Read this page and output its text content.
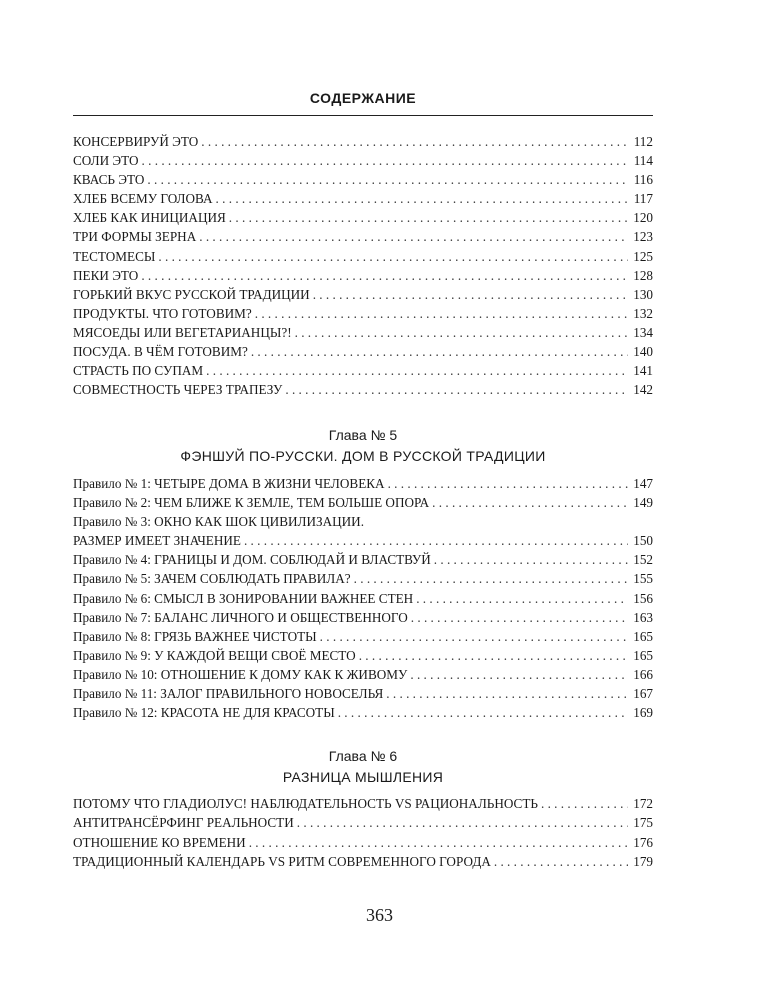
СОДЕРЖАНИЕ
КОНСЕРВИРУЙ ЭТО . . .	112
СОЛИ ЭТО . . .	114
КВАСЬ ЭТО . . .	116
ХЛЕБ ВСЕМУ ГОЛОВА . . .	117
ХЛЕБ КАК ИНИЦИАЦИЯ . . .	120
ТРИ ФОРМЫ ЗЕРНА . . .	123
ТЕСТОМЕСЫ . . .	125
ПЕКИ ЭТО . . .	128
ГОРЬКИЙ ВКУС РУССКОЙ ТРАДИЦИИ . . .	130
ПРОДУКТЫ. ЧТО ГОТОВИМ? . . .	132
МЯСОЕДЫ ИЛИ ВЕГЕТАРИАНЦЫ?! . . .	134
ПОСУДА. В ЧЁМ ГОТОВИМ? . . .	140
СТРАСТЬ ПО СУПАМ . . .	141
СОВМЕСТНОСТЬ ЧЕРЕЗ ТРАПЕЗУ . . .	142
Глава № 5
ФЭНШУЙ ПО-РУССКИ. ДОМ В РУССКОЙ ТРАДИЦИИ
Правило № 1: ЧЕТЫРЕ ДОМА В ЖИЗНИ ЧЕЛОВЕКА . . .	147
Правило № 2: ЧЕМ БЛИЖЕ К ЗЕМЛЕ, ТЕМ БОЛЬШЕ ОПОРА . . .	149
Правило № 3: ОКНО КАК ШОК ЦИВИЛИЗАЦИИ.
РАЗМЕР ИМЕЕТ ЗНАЧЕНИЕ . . .	150
Правило № 4: ГРАНИЦЫ И ДОМ. СОБЛЮДАЙ И ВЛАСТВУЙ . . .	152
Правило № 5: ЗАЧЕМ СОБЛЮДАТЬ ПРАВИЛА? . . .	155
Правило № 6: СМЫСЛ В ЗОНИРОВАНИИ ВАЖНЕЕ СТЕН . . .	156
Правило № 7: БАЛАНС ЛИЧНОГО И ОБЩЕСТВЕННОГО . . .	163
Правило № 8: ГРЯЗЬ ВАЖНЕЕ ЧИСТОТЫ . . .	165
Правило № 9: У КАЖДОЙ ВЕЩИ СВОЁ МЕСТО . . .	165
Правило № 10: ОТНОШЕНИЕ К ДОМУ КАК К ЖИВОМУ . . .	166
Правило № 11: ЗАЛОГ ПРАВИЛЬНОГО НОВОСЕЛЬЯ . . .	167
Правило № 12: КРАСОТА НЕ ДЛЯ КРАСОТЫ . . .	169
Глава № 6
РАЗНИЦА МЫШЛЕНИЯ
ПОТОМУ ЧТО ГЛАДИОЛУС! НАБЛЮДАТЕЛЬНОСТЬ VS РАЦИОНАЛЬНОСТЬ . . .	172
АНТИТРАНСЁРФИНГ РЕАЛЬНОСТИ . . .	175
ОТНОШЕНИЕ КО ВРЕМЕНИ . . .	176
ТРАДИЦИОННЫЙ КАЛЕНДАРЬ VS РИТМ СОВРЕМЕННОГО ГОРОДА . . .	179
363
